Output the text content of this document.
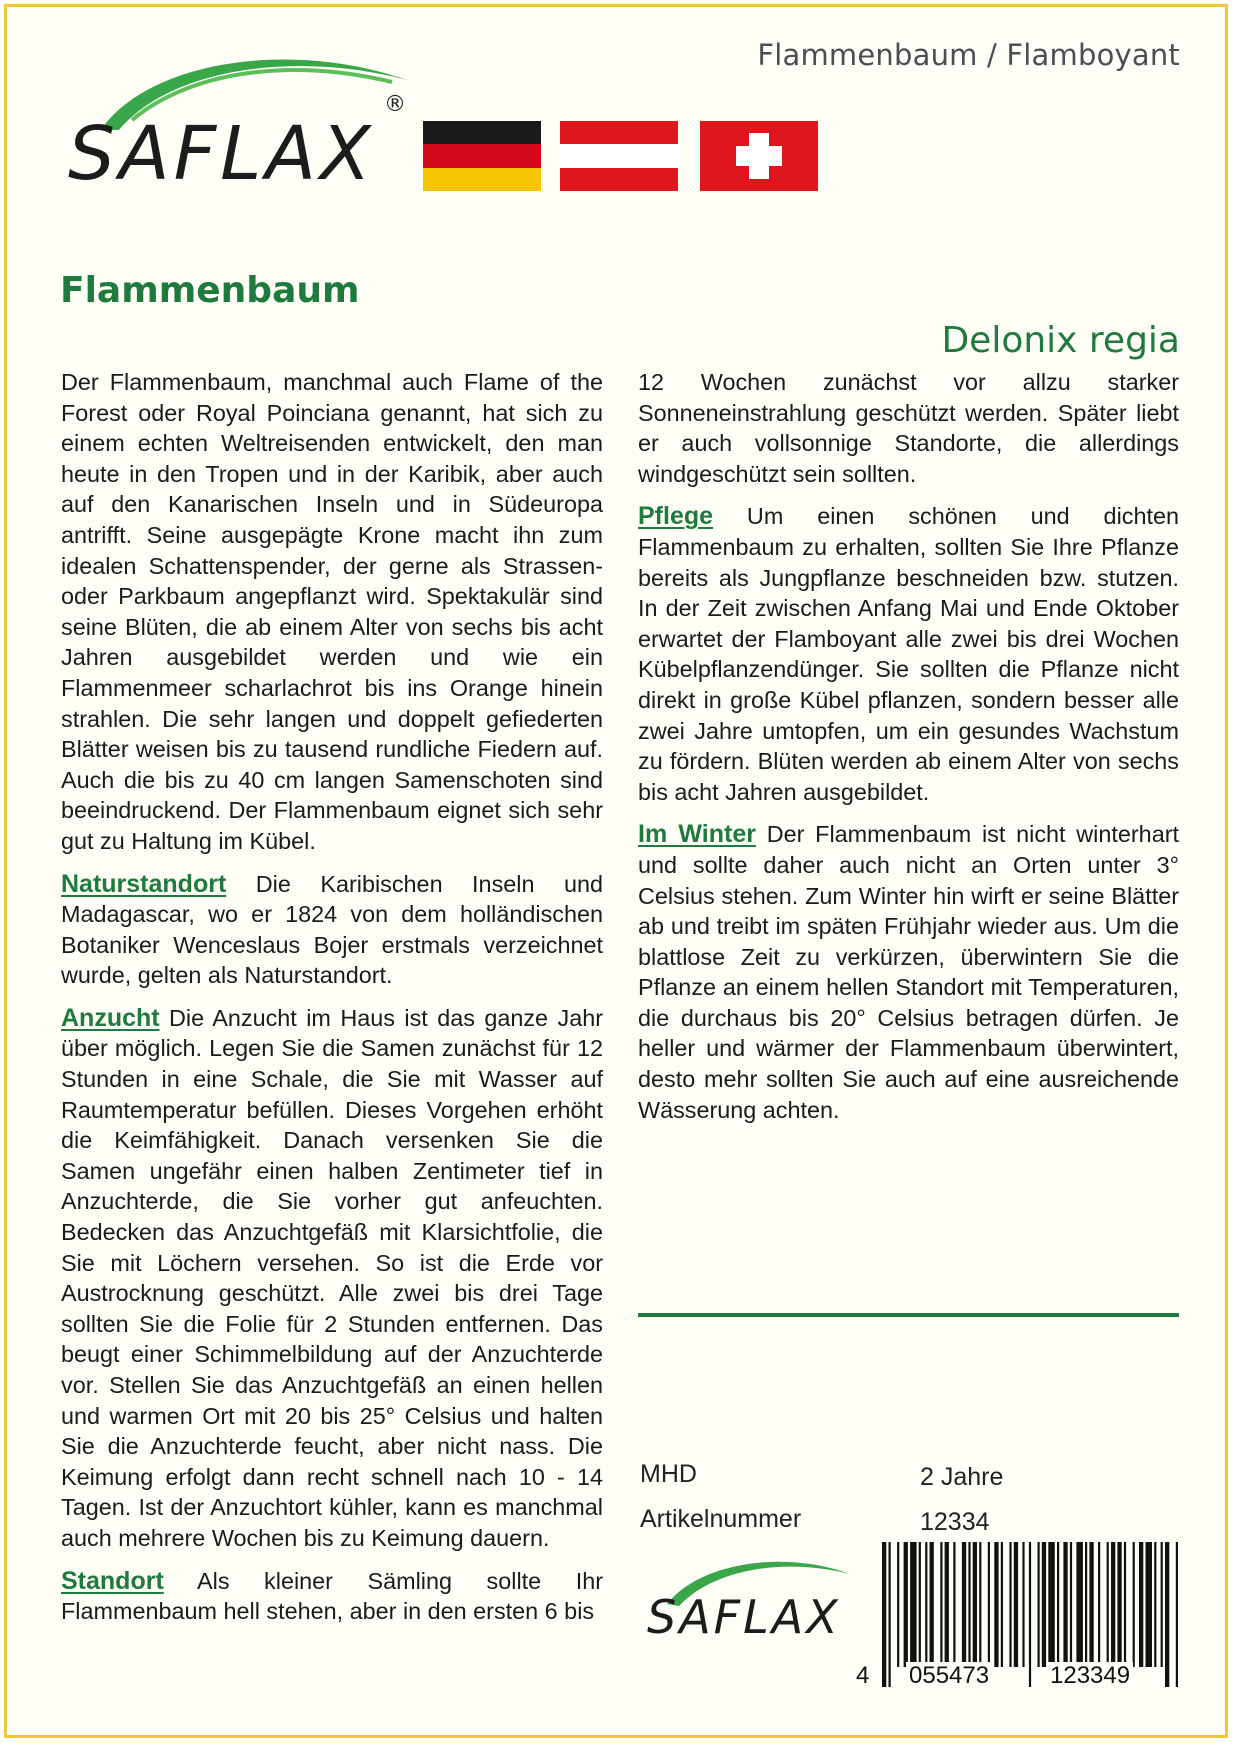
Flammenbaum / Flamboyant
SAFLAX
®
Flammenbaum
Delonix regia

Der Flammenbaum, manchmal auch Flame of the Forest oder Royal Poinciana genannt, hat sich zu einem echten Weltreisenden entwickelt, den man heute in den Tropen und in der Karibik, aber auch auf den Kanarischen Inseln und in Südeuropa antrifft. Seine ausgepägte Krone macht ihn zum idealen Schattenspender, der gerne als Strassen- oder Parkbaum angepflanzt wird. Spektakulär sind seine Blüten, die ab einem Alter von sechs bis acht Jahren ausgebildet werden und wie ein Flammenmeer scharlachrot bis ins Orange hinein strahlen. Die sehr langen und doppelt gefiederten Blätter weisen bis zu tausend rundliche Fiedern auf. Auch die bis zu 40 cm langen Samenschoten sind beeindruckend. Der Flammenbaum eignet sich sehr gut zu Haltung im Kübel.

Naturstandort Die Karibischen Inseln und Madagascar, wo er 1824 von dem holländischen Botaniker Wenceslaus Bojer erstmals verzeichnet wurde, gelten als Naturstandort.

Anzucht Die Anzucht im Haus ist das ganze Jahr über möglich. Legen Sie die Samen zunächst für 12 Stunden in eine Schale, die Sie mit Wasser auf Raumtemperatur befüllen. Dieses Vorgehen erhöht die Keimfähigkeit. Danach versenken Sie die Samen ungefähr einen halben Zentimeter tief in Anzuchterde, die Sie vorher gut anfeuchten. Bedecken das Anzuchtgefäß mit Klarsichtfolie, die Sie mit Löchern versehen. So ist die Erde vor Austrocknung geschützt. Alle zwei bis drei Tage sollten Sie die Folie für 2 Stunden entfernen. Das beugt einer Schimmelbildung auf der Anzuchterde vor. Stellen Sie das Anzuchtgefäß an einen hellen und warmen Ort mit 20 bis 25° Celsius und halten Sie die Anzuchterde feucht, aber nicht nass. Die Keimung erfolgt dann recht schnell nach 10 - 14 Tagen. Ist der Anzuchtort kühler, kann es manchmal auch mehrere Wochen bis zu Keimung dauern.

Standort Als kleiner Sämling sollte Ihr Flammenbaum hell stehen, aber in den ersten 6 bis

12 Wochen zunächst vor allzu starker Sonneneinstrahlung geschützt werden. Später liebt er auch vollsonnige Standorte, die allerdings windgeschützt sein sollten.

Pflege Um einen schönen und dichten Flammenbaum zu erhalten, sollten Sie Ihre Pflanze bereits als Jungpflanze beschneiden bzw. stutzen. In der Zeit zwischen Anfang Mai und Ende Oktober erwartet der Flamboyant alle zwei bis drei Wochen Kübelpflanzendünger. Sie sollten die Pflanze nicht direkt in große Kübel pflanzen, sondern besser alle zwei Jahre umtopfen, um ein gesundes Wachstum zu fördern. Blüten werden ab einem Alter von sechs bis acht Jahren ausgebildet.

Im Winter Der Flammenbaum ist nicht winterhart und sollte daher auch nicht an Orten unter 3° Celsius stehen. Zum Winter hin wirft er seine Blätter ab und treibt im späten Frühjahr wieder aus. Um die blattlose Zeit zu verkürzen, überwintern Sie die Pflanze an einem hellen Standort mit Temperaturen, die durchaus bis 20° Celsius betragen dürfen. Je heller und wärmer der Flammenbaum überwintert, desto mehr sollten Sie auch auf eine ausreichende Wässerung achten.

MHD	2 Jahre
Artikelnummer	12334
SAFLAX
4 055473	123349
